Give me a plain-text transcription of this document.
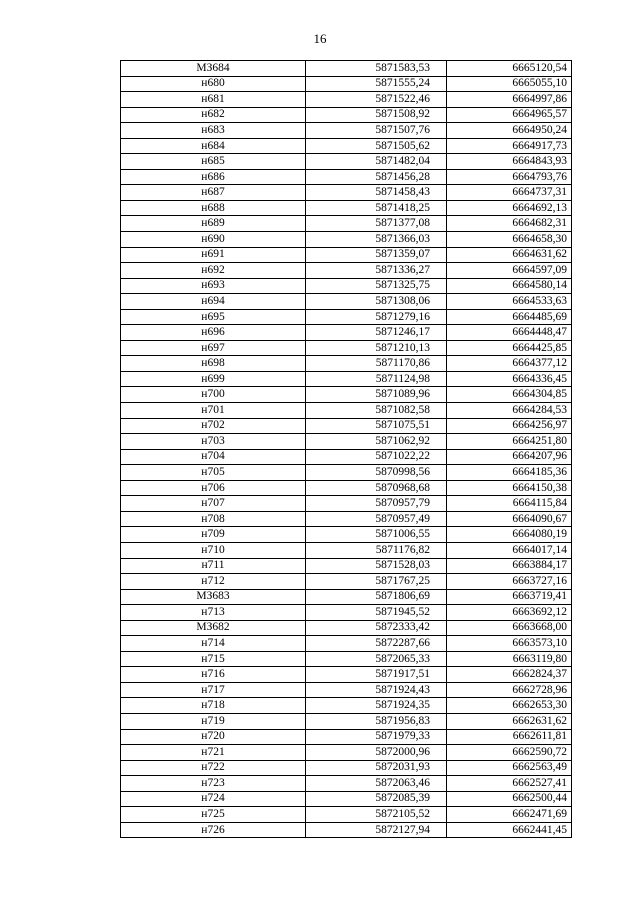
16
МЗ684	5871583,53	6665120,54
н680	5871555,24	6665055,10
н681	5871522,46	6664997,86
н682	5871508,92	6664965,57
н683	5871507,76	6664950,24
н684	5871505,62	6664917,73
н685	5871482,04	6664843,93
н686	5871456,28	6664793,76
н687	5871458,43	6664737,31
н688	5871418,25	6664692,13
н689	5871377,08	6664682,31
н690	5871366,03	6664658,30
н691	5871359,07	6664631,62
н692	5871336,27	6664597,09
н693	5871325,75	6664580,14
н694	5871308,06	6664533,63
н695	5871279,16	6664485,69
н696	5871246,17	6664448,47
н697	5871210,13	6664425,85
н698	5871170,86	6664377,12
н699	5871124,98	6664336,45
н700	5871089,96	6664304,85
н701	5871082,58	6664284,53
н702	5871075,51	6664256,97
н703	5871062,92	6664251,80
н704	5871022,22	6664207,96
н705	5870998,56	6664185,36
н706	5870968,68	6664150,38
н707	5870957,79	6664115,84
н708	5870957,49	6664090,67
н709	5871006,55	6664080,19
н710	5871176,82	6664017,14
н711	5871528,03	6663884,17
н712	5871767,25	6663727,16
МЗ683	5871806,69	6663719,41
н713	5871945,52	6663692,12
МЗ682	5872333,42	6663668,00
н714	5872287,66	6663573,10
н715	5872065,33	6663119,80
н716	5871917,51	6662824,37
н717	5871924,43	6662728,96
н718	5871924,35	6662653,30
н719	5871956,83	6662631,62
н720	5871979,33	6662611,81
н721	5872000,96	6662590,72
н722	5872031,93	6662563,49
н723	5872063,46	6662527,41
н724	5872085,39	6662500,44
н725	5872105,52	6662471,69
н726	5872127,94	6662441,45
